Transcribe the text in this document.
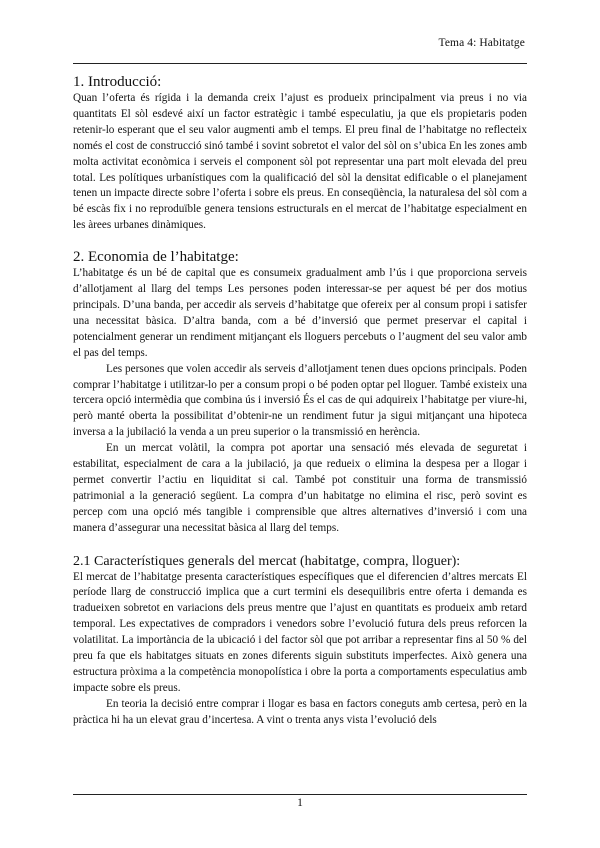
Tema 4: Habitatge
1. Introducció:

Quan l’oferta és rígida i la demanda creix l’ajust es produeix principalment via preus i no via quantitats El sòl esdevé així un factor estratègic i també especulatiu, ja que els propietaris poden retenir-lo esperant que el seu valor augmenti amb el temps. El preu final de l’habitatge no reflecteix només el cost de construcció sinó també i sovint sobretot el valor del sòl on s’ubica En les zones amb molta activitat econòmica i serveis el component sòl pot representar una part molt elevada del preu total. Les polítiques urbanístiques com la qualificació del sòl la densitat edificable o el planejament tenen un impacte directe sobre l’oferta i sobre els preus. En conseqüència, la naturalesa del sòl com a bé escàs fix i no reproduïble genera tensions estructurals en el mercat de l’habitatge especialment en les àrees urbanes dinàmiques.

2. Economia de l’habitatge:

L’habitatge és un bé de capital que es consumeix gradualment amb l’ús i que proporciona serveis d’allotjament al llarg del temps Les persones poden interessar-se per aquest bé per dos motius principals. D’una banda, per accedir als serveis d’habitatge que ofereix per al consum propi i satisfer una necessitat bàsica. D’altra banda, com a bé d’inversió que permet preservar el capital i potencialment generar un rendiment mitjançant els lloguers percebuts o l’augment del seu valor amb el pas del temps.

Les persones que volen accedir als serveis d’allotjament tenen dues opcions principals. Poden comprar l’habitatge i utilitzar-lo per a consum propi o bé poden optar pel lloguer. També existeix una tercera opció intermèdia que combina ús i inversió És el cas de qui adquireix l’habitatge per viure-hi, però manté oberta la possibilitat d’obtenir-ne un rendiment futur ja sigui mitjançant una hipoteca inversa a la jubilació la venda a un preu superior o la transmissió en herència.

En un mercat volàtil, la compra pot aportar una sensació més elevada de seguretat i estabilitat, especialment de cara a la jubilació, ja que redueix o elimina la despesa per a llogar i permet convertir l’actiu en liquiditat si cal. També pot constituir una forma de transmissió patrimonial a la generació següent. La compra d’un habitatge no elimina el risc, però sovint es percep com una opció més tangible i comprensible que altres alternatives d’inversió i com una manera d’assegurar una necessitat bàsica al llarg del temps.

2.1 Característiques generals del mercat (habitatge, compra, lloguer):

El mercat de l’habitatge presenta característiques específiques que el diferencien d’altres mercats El període llarg de construcció implica que a curt termini els desequilibris entre oferta i demanda es tradueixen sobretot en variacions dels preus mentre que l’ajust en quantitats es produeix amb retard temporal. Les expectatives de compradors i venedors sobre l’evolució futura dels preus reforcen la volatilitat. La importància de la ubicació i del factor sòl que pot arribar a representar fins al 50 % del preu fa que els habitatges situats en zones diferents siguin substituts imperfectes. Això genera una estructura pròxima a la competència monopolística i obre la porta a comportaments especulatius amb impacte sobre els preus.

En teoria la decisió entre comprar i llogar es basa en factors coneguts amb certesa, però en la pràctica hi ha un elevat grau d’incertesa. A vint o trenta anys vista l’evolució dels

1
